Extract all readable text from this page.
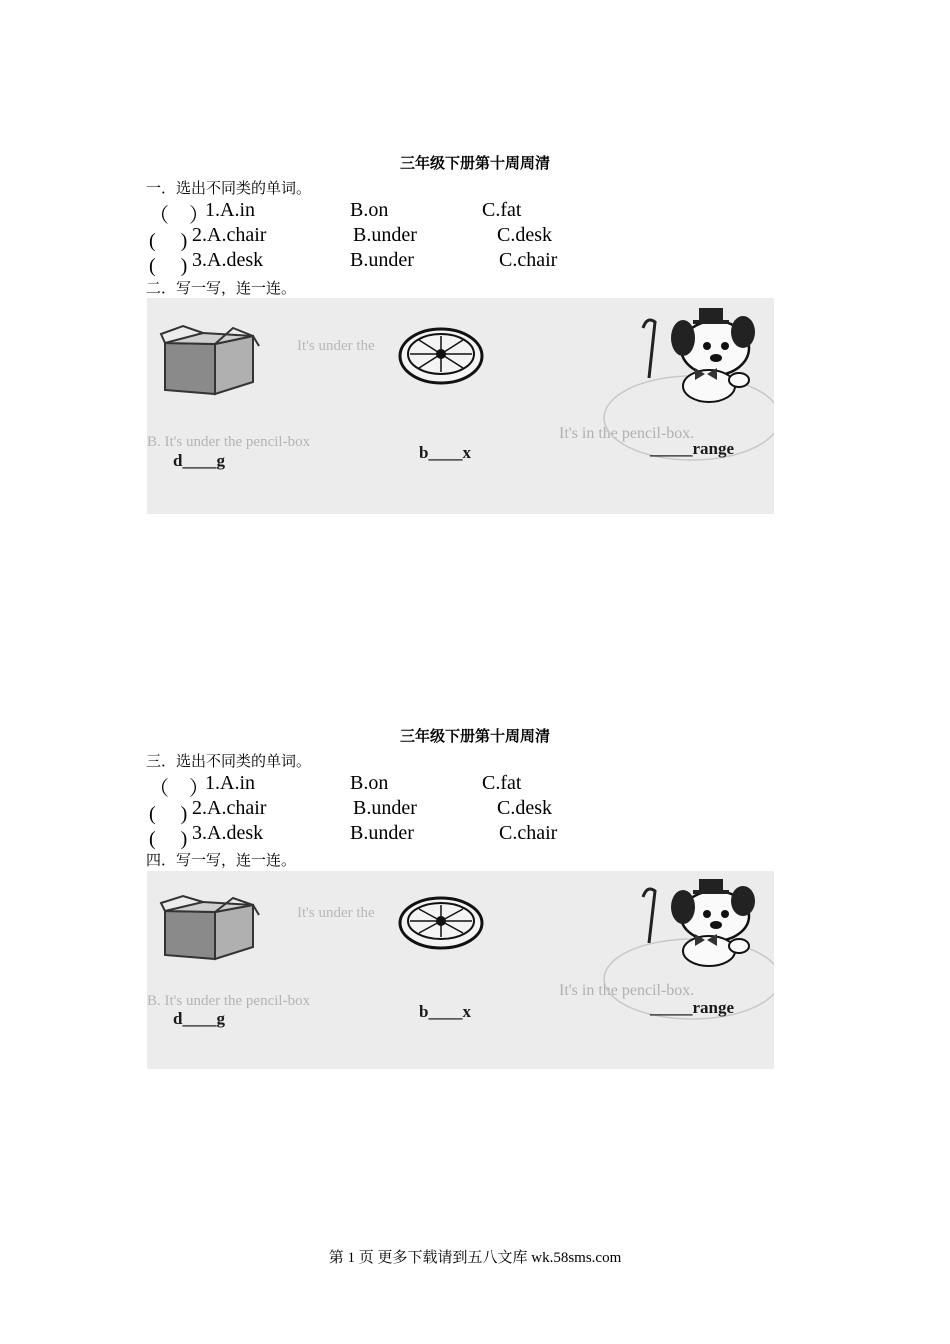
三年级下册第十周周清
一．选出不同类的单词。
（　）
1.A.in	B.on	C.fat
(　 ) 2.A.chair	B.under	C.desk
(　 ) 3.A.desk	B.under	C.chair
二．写一写，连一连。
It's under the
B. It's under the pencil-box	It's in the pencil-box.
d____g	b____x	_____range
三年级下册第十周周清
三．选出不同类的单词。
（　）
1.A.in	B.on	C.fat
(　 ) 2.A.chair	B.under	C.desk
(　 ) 3.A.desk	B.under	C.chair
四．写一写，连一连。
It's under the
B. It's under the pencil-box
It's in the pencil-box.
d____g	b____x	_____range
第 1 页 更多下载请到五八文库 wk.58sms.com
